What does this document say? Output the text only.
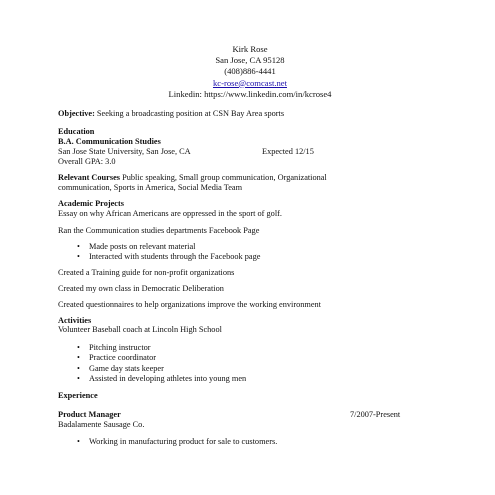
Kirk Rose
San Jose, CA 95128
(408)886-4441
kc-rose@comcast.net
Linkedin: https://www.linkedin.com/in/kcrose4
Objective: Seeking a broadcasting position at CSN Bay Area sports
Education
B.A. Communication Studies
San Jose State University, San Jose, CA	Expected 12/15
Overall GPA: 3.0
Relevant Courses Public speaking, Small group communication, Organizational
communication, Sports in America, Social Media Team
Academic Projects
Essay on why African Americans are oppressed in the sport of golf.
Ran the Communication studies departments Facebook Page
• Made posts on relevant material
• Interacted with students through the Facebook page
Created a Training guide for non-profit organizations
Created my own class in Democratic Deliberation
Created questionnaires to help organizations improve the working environment
Activities
Volunteer Baseball coach at Lincoln High School
• Pitching instructor
• Practice coordinator
• Game day stats keeper
• Assisted in developing athletes into young men
Experience
Product Manager	7/2007-Present
Badalamente Sausage Co.
• Working in manufacturing product for sale to customers.
